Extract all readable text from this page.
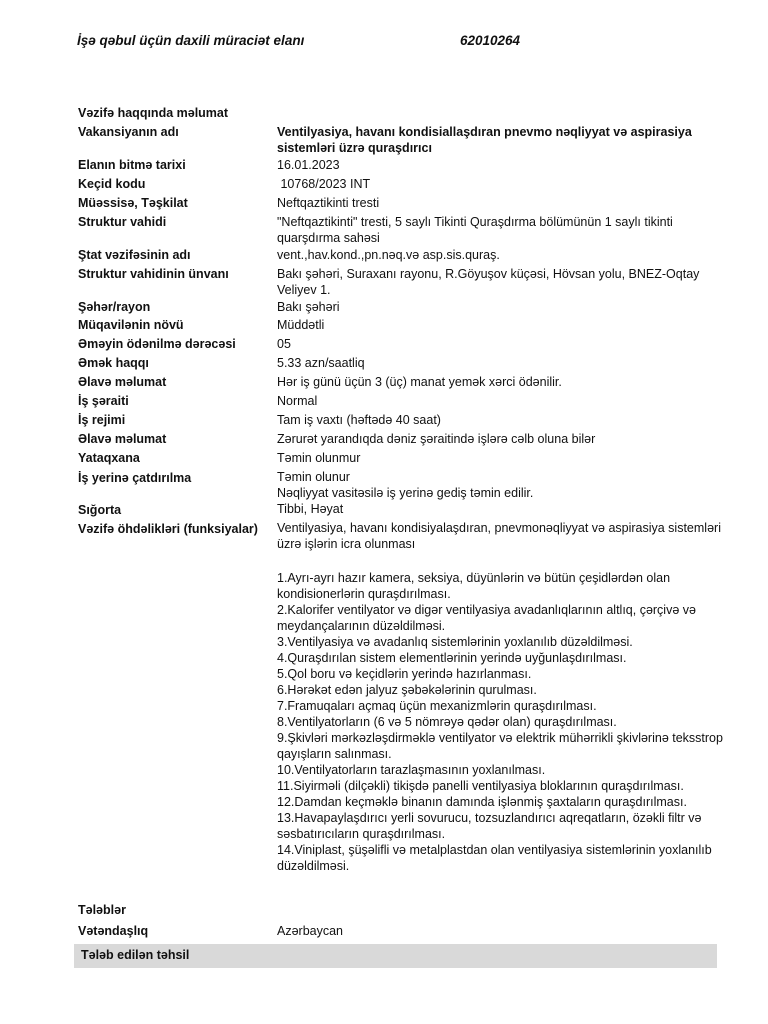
İşə qəbul üçün daxili müraciət elanı	62010264
Vəzifə haqqında məlumat
Vakansiyanın adı	Ventilyasiya, havanı kondisiallaşdıran pnevmo nəqliyyat və aspirasiya sistemləri üzrə quraşdırıcı
Elanın bitmə tarixi	16.01.2023
Keçid kodu	10768/2023 INT
Müəssisə, Təşkilat	Neftqaztikinti tresti
Struktur vahidi	"Neftqaztikinti" tresti, 5 saylı Tikinti Quraşdırma bölümünün 1 saylı tikinti quarşdırma sahəsi
Ştat vəzifəsinin adı	vent.,hav.kond.,pn.nəq.və asp.sis.quraş.
Struktur vahidinin ünvanı	Bakı şəhəri, Suraxanı rayonu, R.Göyuşov küçəsi, Hövsan yolu, BNEZ-Oqtay Veliyev 1.
Şəhər/rayon	Bakı şəhəri
Müqavilənin növü	Müddətli
Əməyin ödənilmə dərəcəsi	05
Əmək haqqı	5.33 azn/saatliq
Əlavə məlumat	Hər iş günü üçün 3 (üç) manat yemək xərci ödənilir.
İş şəraiti	Normal
İş rejimi	Tam iş vaxtı (həftədə 40 saat)
Əlavə məlumat	Zərurət yarandıqda dəniz şəraitində işlərə cəlb oluna bilər
Yataqxana	Təmin olunmur
İş yerinə çatdırılma	Təmin olunur
Nəqliyyat vasitəsilə iş yerinə gediş təmin edilir.
Sığorta	Tibbi, Həyat
Vəzifə öhdəlikləri (funksiyalar)	Ventilyasiya, havanı kondisiyalaşdıran, pnevmonəqliyyat və aspirasiya sistemləri üzrə işlərin icra olunması
1.Ayrı-ayrı hazır kamera, seksiya, düyünlərin və bütün çeşidlərdən olan kondisionerlərin quraşdırılması.
2.Kalorifer ventilyator və digər ventilyasiya avadanlıqlarının altlıq, çərçivə və meydançalarının düzəldilməsi.
3.Ventilyasiya və avadanlıq sistemlərinin yoxlanılıb düzəldilməsi.
4.Quraşdırılan sistem elementlərinin yerində uyğunlaşdırılması.
5.Qol boru və keçidlərin yerində hazırlanması.
6.Hərəkət edən jalyuz şəbəkələrinin qurulması.
7.Framuqaları açmaq üçün mexanizmlərin quraşdırılması.
8.Ventilyatorların (6 və 5 nömrəyə qədər olan) quraşdırılması.
9.Şkivləri mərkəzləşdirməklə ventilyator və elektrik mühərrikli şkivlərinə teksstrop qayışların salınması.
10.Ventilyatorların tarazlaşmasının yoxlanılması.
11.Siyirməli (dilçəkli) tikişdə panelli ventilyasiya bloklarının quraşdırılması.
12.Damdan keçməklə binanın damında işlənmiş şaxtaların quraşdırılması.
13.Havapaylaşdırıcı yerli sovurucu, tozsuzlandırıcı aqreqatların, özəkli filtr və səsbatırıcıların quraşdırılması.
14.Viniplast, şüşəlifli və metalplastdan olan ventilyasiya sistemlərinin yoxlanılıb düzəldilməsi.
Tələblər
Vətəndaşlıq	Azərbaycan
Tələb edilən təhsil
